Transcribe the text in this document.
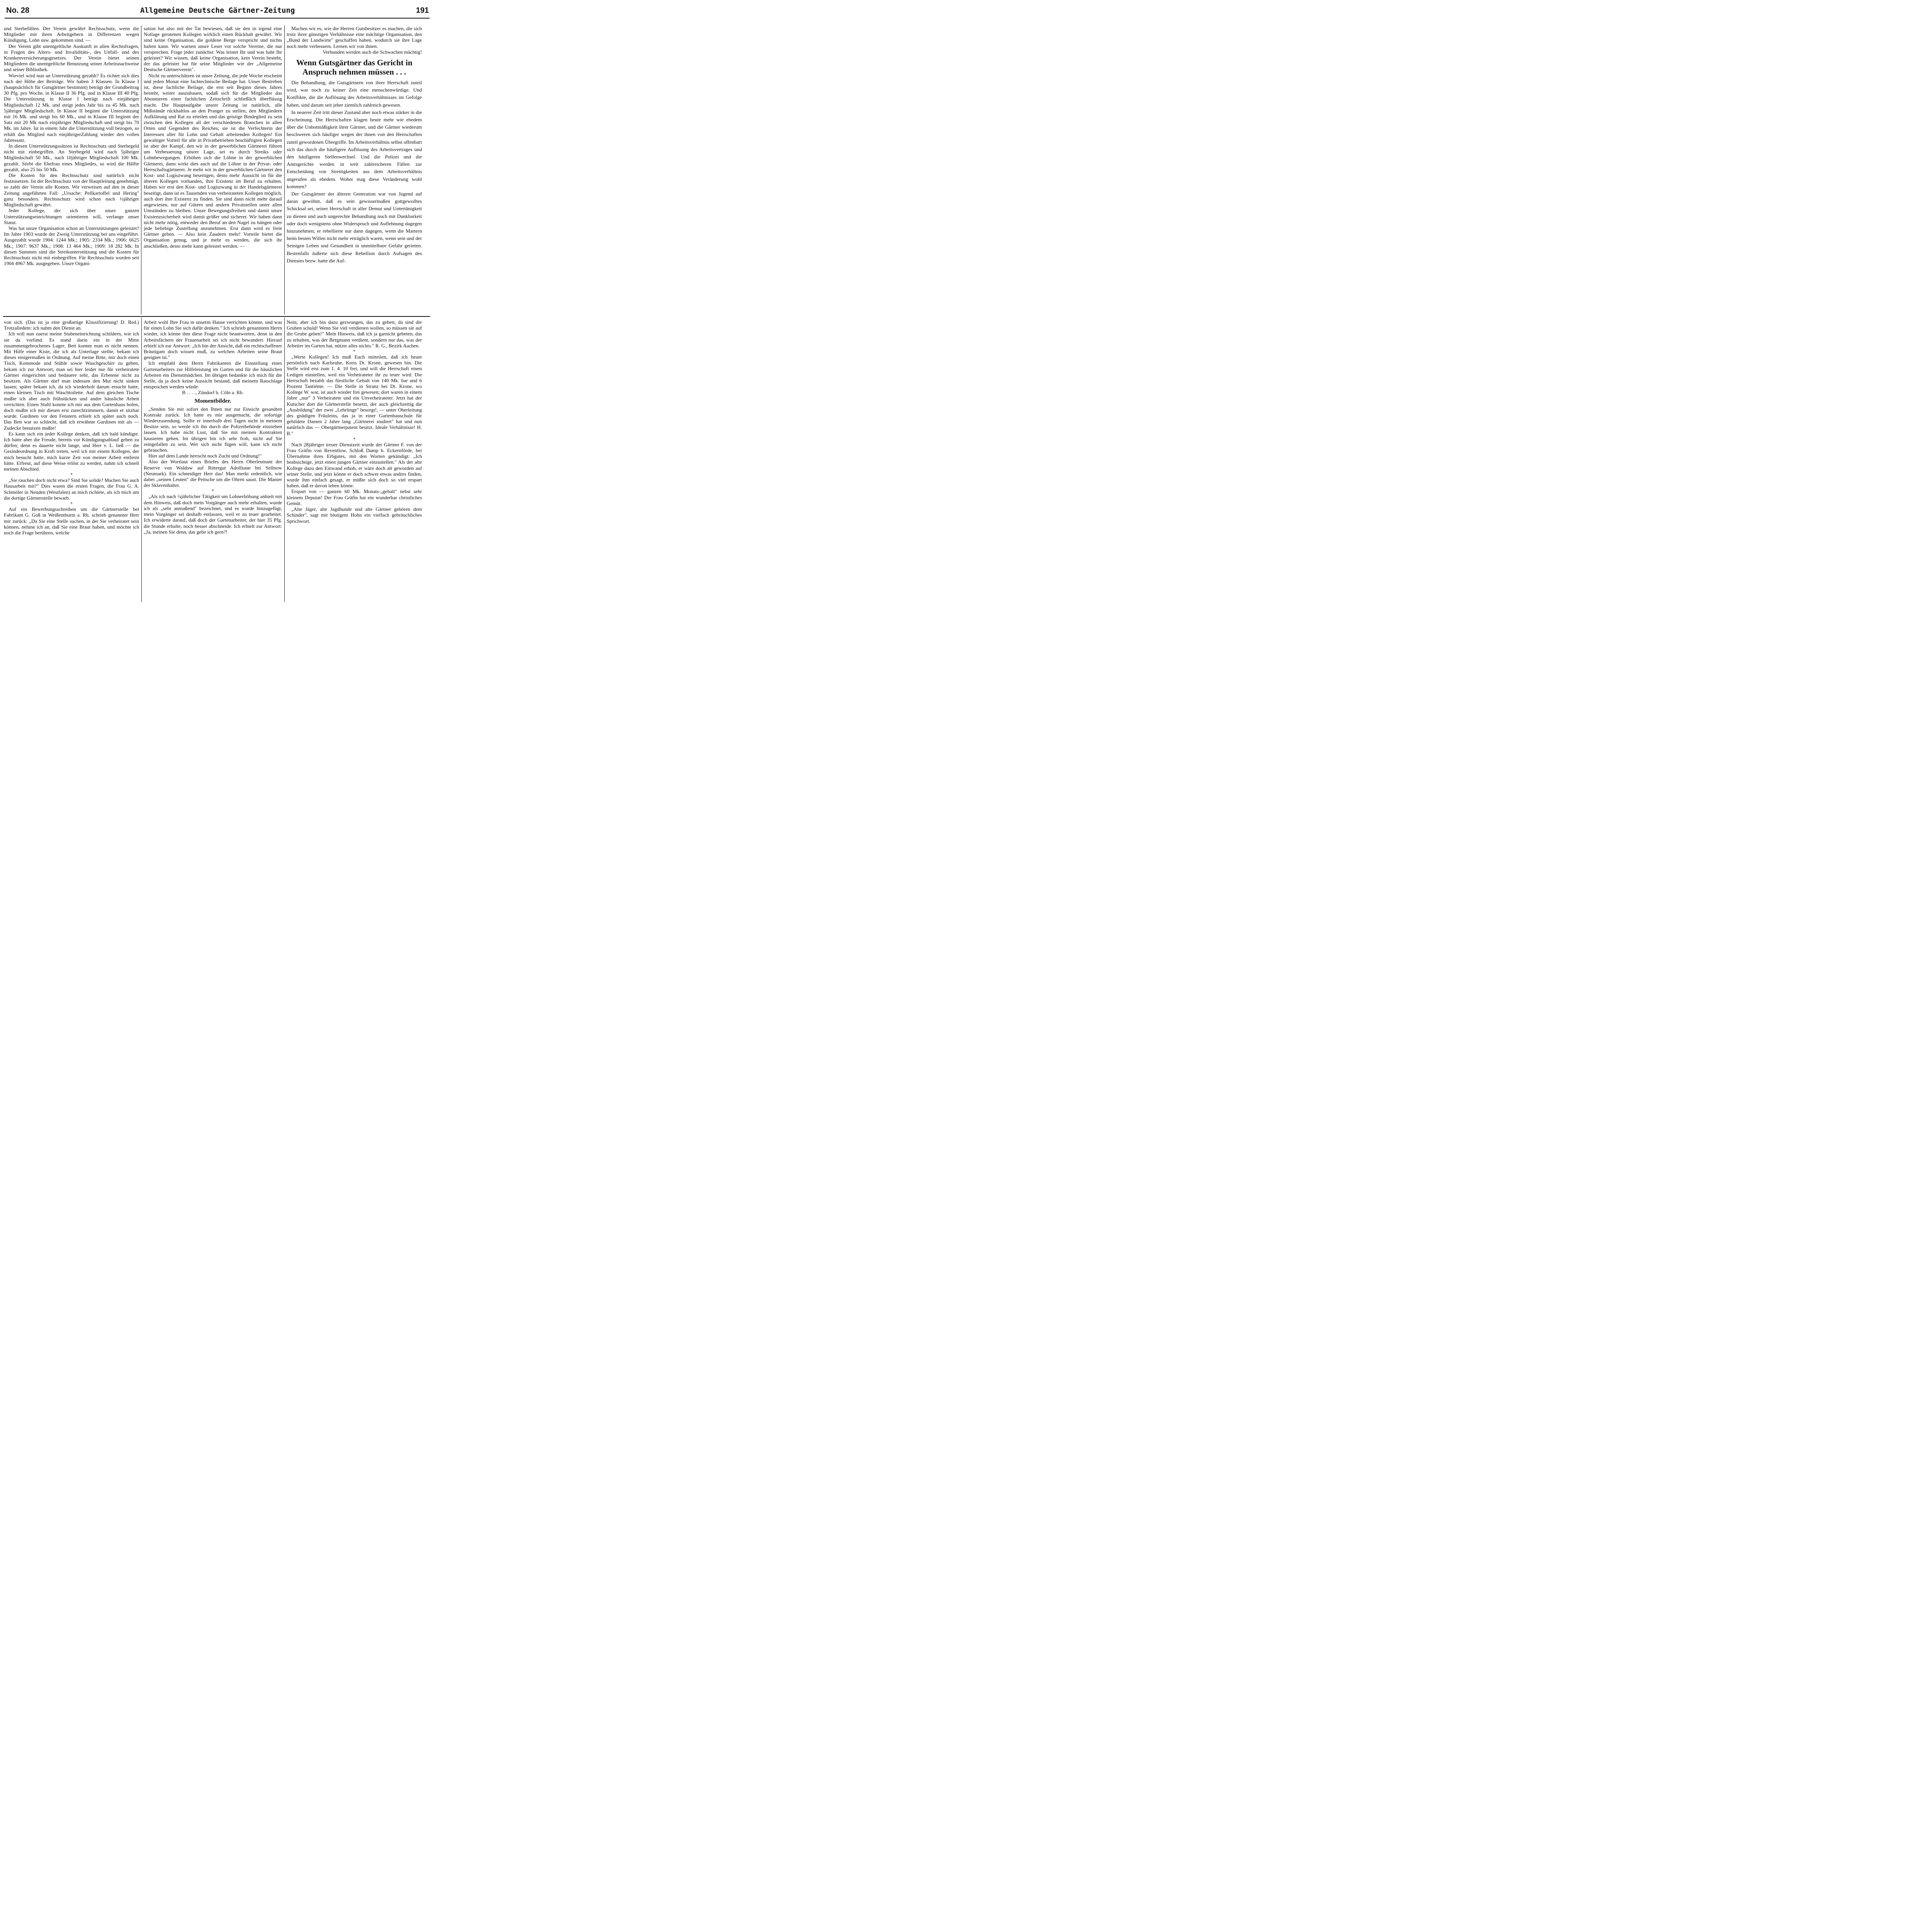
No. 28	Allgemeine Deutsche Gärtner-Zeitung	191

und Sterbefällen. Der Verein gewährt Rechtsschutz, wenn die Mitglieder mit ihren Arbeitgebern in Differenzen wegen Kündigung, Lohn usw. gekommen sind. —

Der Verein gibt unentgeltliche Auskunft in allen Rechtsfragen, in Fragen des Alters- und Invaliditäts-, des Unfall- und des Krankenversicherungsgesetzes. Der Verein bietet seinen Mitgliedern die unentgeltliche Benutzung seiner Arbeitsnachweise und seiner Bibliothek.

Wieviel wird nun an Unterstützung gezahlt? Es richtet sich dies nach der Höhe der Beiträge. Wir haben 3 Klassen. In Klasse I (hauptsächlich für Gutsgärtner bestimmt) beträgt der Grundbeitrag 30 Pfg. pro Woche, in Klasse II 36 Pfg. und in Klasse III 40 Pfg. Die Unterstützung in Klasse I beträgt nach einjähriger Mitgliedschaft 12 Mk. und steigt jedes Jahr bis zu 45 Mk. nach 5jähriger Mitgliedschaft. In Klasse II beginnt die Unterstützung mit 16 Mk. und steigt bis 60 Mk., und in Klasse III beginnt der Satz mit 20 Mk nach einjähriger Mitgliedschaft und steigt bis 70 Mk. im Jahre. Ist in einem Jahr die Unterstützung voll bezogen, so erhält das Mitglied nach einjährigerZahlung wieder den vollen Jahressatz.

In diesen Unterstützungssätzen ist Rechtsschutz und Sterbegeld nicht mit einbegriffen. An Sterbegeld wird nach 5jähriger Mitgliedschaft 50 Mk., nach 10jähriger Mitgliedschaft 100 Mk. gezahlt. Stirbt die Ehefrau eines Mitgliedes, so wird die Hälfte gezahlt, also 25 bis 50 Mk.

Die Kosten für den Rechtsschutz sind natürlich nicht festzusetzen. Ist der Rechtsschutz von der Hauptleitung genehmigt, so zahlt der Verein alle Kosten. Wir verweisen auf den in dieser Zeitung angeführten Fall: „Ursache: Pellkartoffel und Hering" ganz besonders. Rechtsschutz wird schon nach ½jähriger Mitgliedschaft gewährt.

Jeder Kollege, der sich über unsre ganzen Unterstützungseinrichtungen orientieren will, verlange unser Statut.

Was hat unsre Organisation schon an Unterstützungen geleistet? Im Jahre 1903 wurde der Zweig Unterstützung bei uns eingeführt. Ausgezahlt wurde 1904: 1244 Mk.; 1905: 2334 Mk.; 1906: 6625 Mk.; 1907: 9637 Mk.; 1908: 13 464 Mk.; 1909: 18 282 Mk. In diesen Summen sind die Streikunterstützung und die Kosten für Rechtsschutz nicht mit einbegriffen. Für Rechtsschutz wurden seit 1904 4967 Mk. ausgegeben. Unsre Organi-

sation hat also mit der Tat bewiesen, daß sie den in irgend eine Notlage geratenen Kollegen wirklich einen Rückhalt gewährt. Wir sind keine Organisation, die goldene Berge verspricht und nichts halten kann. Wir warnen unsre Leser vor solche Vereine, die nur versprechen. Frage jeder zunächst: Was leistet Ihr und was habt Ihr geleistet? Wir wissen, daß keine Organisation, kein Verein besteht, der das geleistet hat für seine Mitglieder wie der „Allgemeine Deutsche Gärtnerverein".

Nicht zu unterschätzen ist unsre Zeitung, die jede Woche erscheint und jeden Monat eine fachtechnische Beilage hat. Unser Bestreben ist, diese fachliche Beilage, die erst seit Beginn dieses Jahres besteht, weiter auszubauen, sodaß sich für die Mitglieder das Abonnieren einer fachlichen Zeitschrift schließlich überflüssig macht. Die Hauptaufgabe unsrer Zeitung ist natürlich, alle Mißstände rückhaltlos an den Pranger zu stellen, den Mitgliedern Aufklärung und Rat zu erteilen und das geistige Bindeglied zu sein zwischen den Kollegen all der verschiedenen Branchen in allen Orten und Gegenden des Reiches; sie ist die Verfechterin der Interessen aller für Lohn und Gehalt arbeitenden Kollegen! Ein gewaltiger Vorteil für alle in Privatbetrieben beschäftigten Kollegen ist aber der Kampf, den wir in der gewerblichen Gärtnerei führen um Verbesserung unsrer Lage, sei es durch Streiks oder Lohnbewegungen. Erhöhen sich die Löhne in der gewerblichen Gärtnerei, dann wirkt dies auch auf die Löhne in der Privat- oder Herrschaftsgärtnerei. Je mehr wir in der gewerblichen Gärtnerei den Kost- und Logiszwang beseitigen, desto mehr Aussicht ist für die älteren Kollegen vorhanden, ihre Existenz im Beruf zu erhalten. Haben wir erst den Kost- und Logiszwang in der Handelsgärtnerei beseitigt, dann ist es Tausenden von verheirateten Kollegen möglich, auch dort ihre Existenz zu finden. Sie sind dann nicht mehr darauf angewiesen, nur auf Gütern und andern Privatstellen unter allen Umständen zu bleiben. Unsre Bewegungsfreiheit und damit unsre Existenzsicherheit wird damit größer und sicherer. Wir haben dann nicht mehr nötig, entweder den Beruf an den Nagel zu hängen oder jede beliebige Zustellung anzunehmen. Erst dann wird es freie Gärtner geben. — Also kein Zaudern mehr! Vorteile bietet die Organisation genug, und je mehr es werden, die sich ihr anschließen, desto mehr kann geleistet werden. —

Machen wir es, wie die Herren Gutsbesitzer es machen, die sich trotz ihrer günstigen Verhältnisse eine mächtige Organisation, den „Bund der Landwirte" geschaffen haben, wodurch sie ihre Lage noch mehr verbessern. Lernen wir von ihnen.

Verbunden werden auch die Schwachen mächtig!

Wenn Gutsgärtner das Gericht in Anspruch nehmen müssen . . .

Die Behandlung, die Gutsgärtnern von ihrer Herrschaft zuteil wird, war noch zu keiner Zeit eine menschenwürdige. Und Konflikte, die die Auflösung des Arbeitsverhältnisses im Gefolge haben, sind darum seit jeher ziemlich zahlreich gewesen.

In neuerer Zeit tritt dieser Zustand aber noch etwas stärker in die Erscheinung. Die Herrschaften klagen heute mehr wie ehedem über die Unbotmäßigkeit ihrer Gärtner, und die Gärtner wiederum beschweren sich häufiger wegen der ihnen von den Herrschaften zuteil gewordenen Übergriffe. Im Arbeitsverhältnis selbst offenbart sich das durch die häufigere Auflösung des Arbeitsvertrages und den häufigeren Stellenwechsel. Und die Polizei und die Amtsgerichte werden in weit zahlreicheren Fällen zur Entscheidung von Streitigkeiten aus dem Arbeitsverhältnis angerufen als ehedem. Woher mag diese Veränderung wohl kommen?

Der Gutsgärtner der älteren Generation war von Jugend auf daran gewöhnt, daß es sein gewissermaßen gottgewolltes Schicksal sei, seiner Herrschaft in aller Demut und Untertänigkeit zu dienen und auch ungerechte Behandlung noch mit Dankbarkeit oder doch wenigstens ohne Widerspruch und Auflehnung dagegen hinzunehmen; er rebellierte nur dann dagegen, wenn die Martern beim besten Willen nicht mehr erträglich waren, wenn sein und der Seinigen Leben und Gesundheit in unmittelbare Gefahr gerieten. Bestenfalls äußerte sich diese Rebellion durch Aufsagen des Dienstes bezw. hatte die Auf-

von sich. (Das ist ja eine großartige Klassifizierung! D. Red.) Trotzalledem: ich nahm den Dienst an.

Ich will nun zuerst meine Stubeneinrichtung schildern, wie ich sie da vorfand. Es stand darin ein in der Mitte zusammengebrochenes Lager; Bett konnte man es nicht nennen. Mit Hilfe einer Kiste, die ich als Unterlage stellte, bekam ich dieses einigermaßen in Ordnung. Auf meine Bitte, mir doch einen Tisch, Kommode und Stühle sowie Waschgeschirr zu geben, bekam ich zur Antwort, man sei hier leider nur für verheiratete Gärtner eingerichtet und bedauere sehr, das Erbetene nicht zu besitzen. Als Gärtner darf man indessen den Mut nicht sinken lassen; später bekam ich, da ich wiederholt darum ersucht hatte, einen kleinen Tisch mit Waschtoilette. Auf dem gleichen Tische mußte ich aber auch frühstücken und andre häusliche Arbeit verrichten. Einen Stuhl konnte ich mir aus dem Gartenhaus holen, doch mußte ich mir diesen erst zurechtzimmern, damit er sitzbar wurde. Gardinen vor den Fenstern erhielt ich später auch noch. Das Bett war so schlecht, daß ich erwähnte Gardinen mit als — Zudecke benutzen mußte!

Es kann sich ein jeder Kollege denken, daß ich bald kündigte. Ich hatte aber die Freude, bereits vor Kündigungsablauf gehen zu dürfen; denn es dauerte nicht lange, und Herr v. L. ließ — die Gesindeordnung in Kraft treten, weil ich mit einem Kollegen, der mich besucht hatte, mich kurze Zeit von meiner Arbeit entfernt hätte. Erfreut, auf diese Weise erlöst zu werden, nahm ich schnell meinen Abschied.

*

„Sie rauchen doch nicht etwa? Sind Sie solide? Machen Sie auch Hausarbeit mit?" Dies waren die ersten Fragen, die Frau G. A. Schmöler in Neuden (Westfalen) an mich richtete, als ich mich um die dortige Gärtnerstelle bewarb.

*

Auf ein Bewerbungsschreiben um die Gärtnerstelle bei Fabrikant G. Goß in Weißenthurm a. Rh. schrieb genannter Herr mir zurück: „Da Sie eine Stelle suchen, in der Sie verheiratet sein können, nehme ich an, daß Sie eine Braut haben, und möchte ich noch die Frage berühren, welche

Arbeit wohl Ihre Frau in unserm Hause verrichten könnte, und was für einen Lohn Sie sich dafür denken." Ich schrieb genanntem Herrn wieder, ich könne ihm diese Frage nicht beantworten, denn in den Arbeitsfächern der Frauenarbeit sei ich nicht bewandert. Hierauf erhielt ich zur Antwort: „Ich bin der Ansicht, daß ein rechtschaffener Bräutigam doch wissen muß, zu welchen Arbeiten seine Braut geeignet ist."

Ich empfahl dem Herrn Fabrikanten die Einstellung eines Gartenarbeiters zur Hilfeleistung im Garten und für die häuslichen Arbeiten ein Dienstmädchen. Im übrigen bedankte ich mich für die Stelle, da ja doch keine Aussicht bestand, daß meinem Ratschlage entsprochen werden würde.

B . . . ., Zündorf b. Cöln a. Rh.

Momentbilder.

„Senden Sie mir sofort den Ihnen nur zur Einsicht gesandten Kontrakt zurück. Ich hatte es mir ausgemacht, die sofortige Wiederzusendung. Sollte er innerhalb drei Tagen nicht in meinem Besitze sein, so werde ich ihn durch die Polizeibehörde einziehen lassen. Ich habe nicht Lust, daß Sie mit meinen Kontrakten hausieren gehen. Im übrigen bin ich sehr froh, nicht auf Sie reingefallen zu sein. Wer sich nicht fügen will, kann ich nicht gebrauchen.

Hier auf dem Lande herrscht noch Zucht und Ordnung!"

Also der Wortlaut eines Briefes des Herrn Oberleutnant der Reserve von Waldow auf Rittergut Adolfsaue bei Sellnow (Neumark). Ein schneidiger Herr das! Man merkt ordentlich, wie dabei „seinen Leuten" die Peitsche um die Ohren saust. Die Manier der Sklavenhalter.

*

„Als ich nach ¼jährlicher Tätigkeit um Lohnerhöhung anhielt mit dem Hinweis, daß doch mein Vorgänger auch mehr erhalten, wurde ich als „sehr anmaßend" bezeichnet, und es wurde hinzugefügt, mein Vorgänger sei deshalb entlassen, weil er zu teuer gearbeitet. Ich erwiderte darauf, daß doch der Gartenarbeiter, der hier 35 Pfg. die Stunde erhalte, noch besser abschneide. Ich erhielt zur Antwort: „Ja, meinen Sie denn, das gebe ich gern?!

Nein; aber ich bin dazu gezwungen, das zu geben; da sind die Gruben schuld! Wenn Sie viel verdienen wollen, so müssen sie auf die Grube gehen!" Mein Hinweis, daß ich ja garnicht gebeten, das zu erhalten, was der Bergmann verdient, sondern nur das, was der Arbeiter im Garten hat, nützte alles nichts." R. G., Bezirk Aachen.

*

„Werte Kollegen! Ich muß Euch mitteilen, daß ich heute persönlich nach Karlsruhe, Kreis Dt. Krone, gewesen bin. Die Stelle wird erst zum 1. 4. 10 frei, und will die Herrschaft einen Ledigen einstellen, weil ein Verheirateter ihr zu teuer wird. Die Herrschaft bezahlt das fürstliche Gehalt von 140 Mk. bar und 6 Prozent Tantième. — Die Stelle in Stranz bei Dt. Krone, wo Kollege W. war, ist auch wieder frei gewesen; dort waren in einem Jahre „nur" 3 Verheiratete und ein Unverheirateter. Jetzt hat der Kutscher dort die Gärtnerstelle besetzt, der auch gleichzeitig die „Ausbildung" der zwei „Lehrlinge" besorgt!, — unter Oberleitung des gnädigen Fräuleins, das ja in einer Gartenbauschule für gebildete Damen 2 Jahre lang „Gärtnerei studiert" hat und nun natürlich das — Obergärtnerpatent besitzt. Ideale Verhältnisse! H. B."

*

Nach 28jähriger treuer Dienstzeit wurde der Gärtner F. von der Frau Gräfin von Reventlow, Schloß Damp b. Eckernförde, bei Übernahme ihres Erbgutes, mit den Worten gekündigt: „Ich beabsichtige, jetzt einen jungen Gärtner einzustellen." Als der alte Kollege dazu den Einwand erhob, er wäre doch alt geworden auf seiner Stelle, und jetzt könne er doch schwer etwas andres finden, wurde ihm einfach gesagt, er müßte sich doch so viel erspart haben, daß er davon leben könne.

Erspart von — ganzen 60 Mk. Monats-„gehalt" nebst sehr kleinem Deputat! Der Frau Gräfin hat ein wunderbar christliches Gemüt.

„Alte Jäger, alte Jagdhunde und alte Gärtner gehören dem Schinder", sagt mit blutigem Hohn ein vielfach gebräuchliches Sprichwort.
